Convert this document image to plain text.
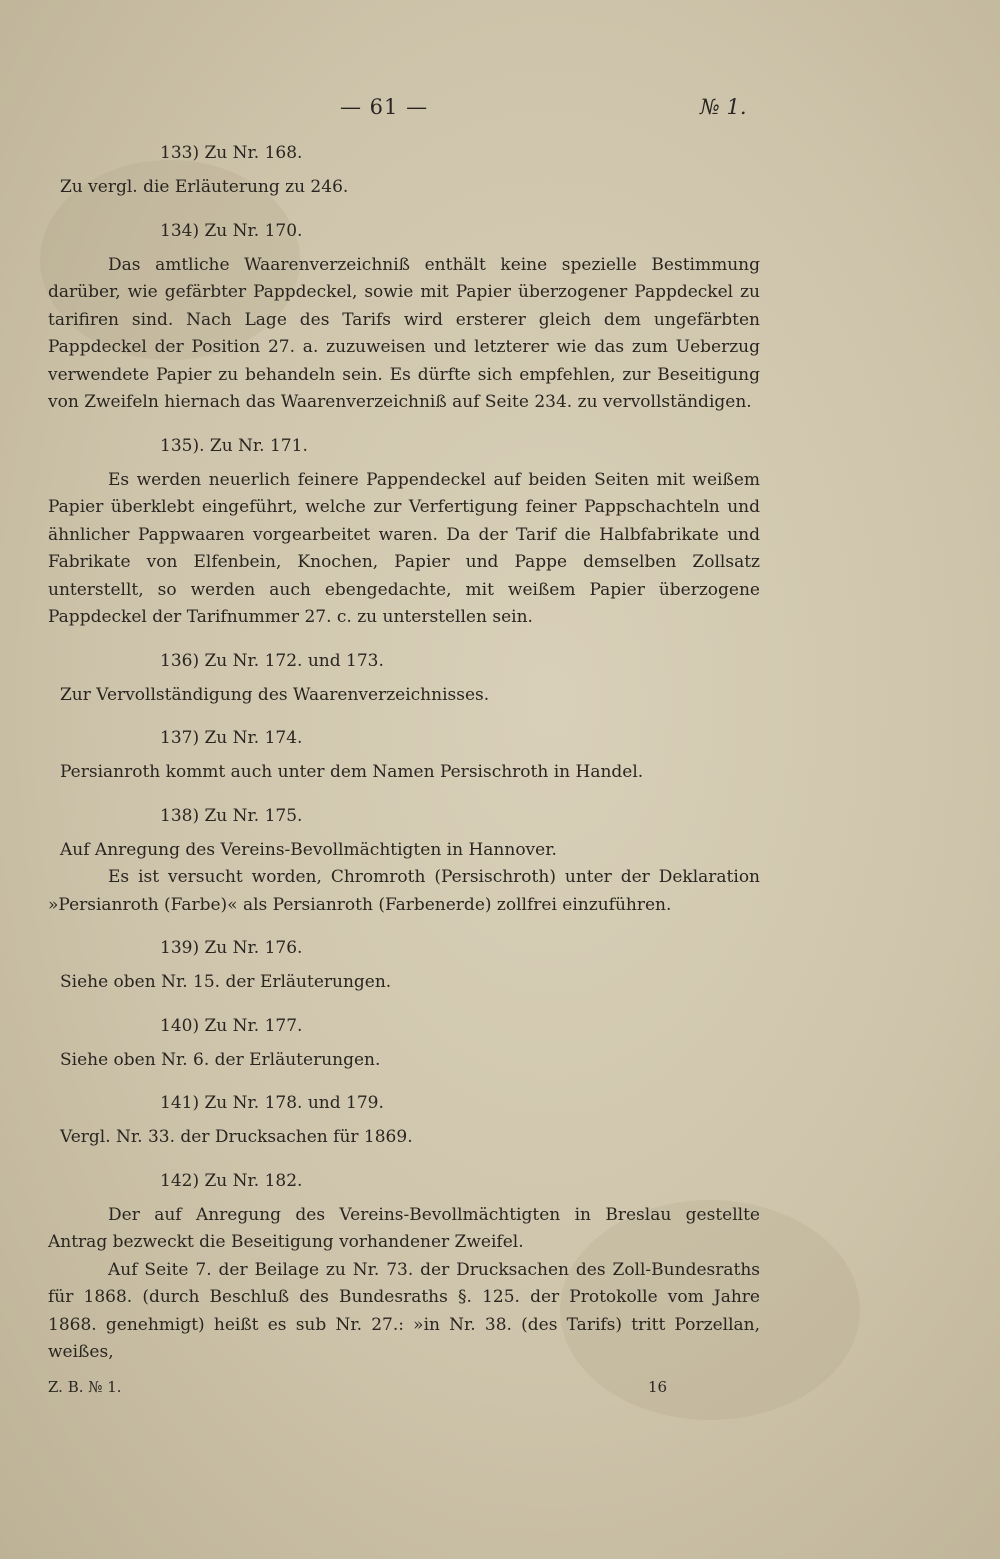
— 61 —	№ 1.
133) Zu Nr. 168.

Zu vergl. die Erläuterung zu 246.

134) Zu Nr. 170.

Das amtliche Waarenverzeichniß enthält keine spezielle Bestimmung darüber, wie gefärbter Pappdeckel, sowie mit Papier überzogener Pappdeckel zu tarifiren sind. Nach Lage des Tarifs wird ersterer gleich dem ungefärbten Pappdeckel der Position 27. a. zuzuweisen und letzterer wie das zum Ueberzug verwendete Papier zu behandeln sein. Es dürfte sich empfehlen, zur Beseitigung von Zweifeln hiernach das Waarenverzeichniß auf Seite 234. zu vervollständigen.

135). Zu Nr. 171.

Es werden neuerlich feinere Pappendeckel auf beiden Seiten mit weißem Papier überklebt eingeführt, welche zur Verfertigung feiner Pappschachteln und ähnlicher Pappwaaren vorgearbeitet waren. Da der Tarif die Halbfabrikate und Fabrikate von Elfenbein, Knochen, Papier und Pappe demselben Zollsatz unterstellt, so werden auch ebengedachte, mit weißem Papier überzogene Pappdeckel der Tarifnummer 27. c. zu unterstellen sein.

136) Zu Nr. 172. und 173.

Zur Vervollständigung des Waarenverzeichnisses.

137) Zu Nr. 174.

Persianroth kommt auch unter dem Namen Persischroth in Handel.

138) Zu Nr. 175.

Auf Anregung des Vereins-Bevollmächtigten in Hannover.

Es ist versucht worden, Chromroth (Persischroth) unter der Deklaration »Persianroth (Farbe)« als Persianroth (Farbenerde) zollfrei einzuführen.

139) Zu Nr. 176.

Siehe oben Nr. 15. der Erläuterungen.

140) Zu Nr. 177.

Siehe oben Nr. 6. der Erläuterungen.

141) Zu Nr. 178. und 179.

Vergl. Nr. 33. der Drucksachen für 1869.

142) Zu Nr. 182.

Der auf Anregung des Vereins-Bevollmächtigten in Breslau gestellte Antrag bezweckt die Beseitigung vorhandener Zweifel.

Auf Seite 7. der Beilage zu Nr. 73. der Drucksachen des Zoll-Bundesraths für 1868. (durch Beschluß des Bundesraths §. 125. der Protokolle vom Jahre 1868. genehmigt) heißt es sub Nr. 27.: »in Nr. 38. (des Tarifs) tritt Porzellan, weißes,

Z. B. № 1.	16
